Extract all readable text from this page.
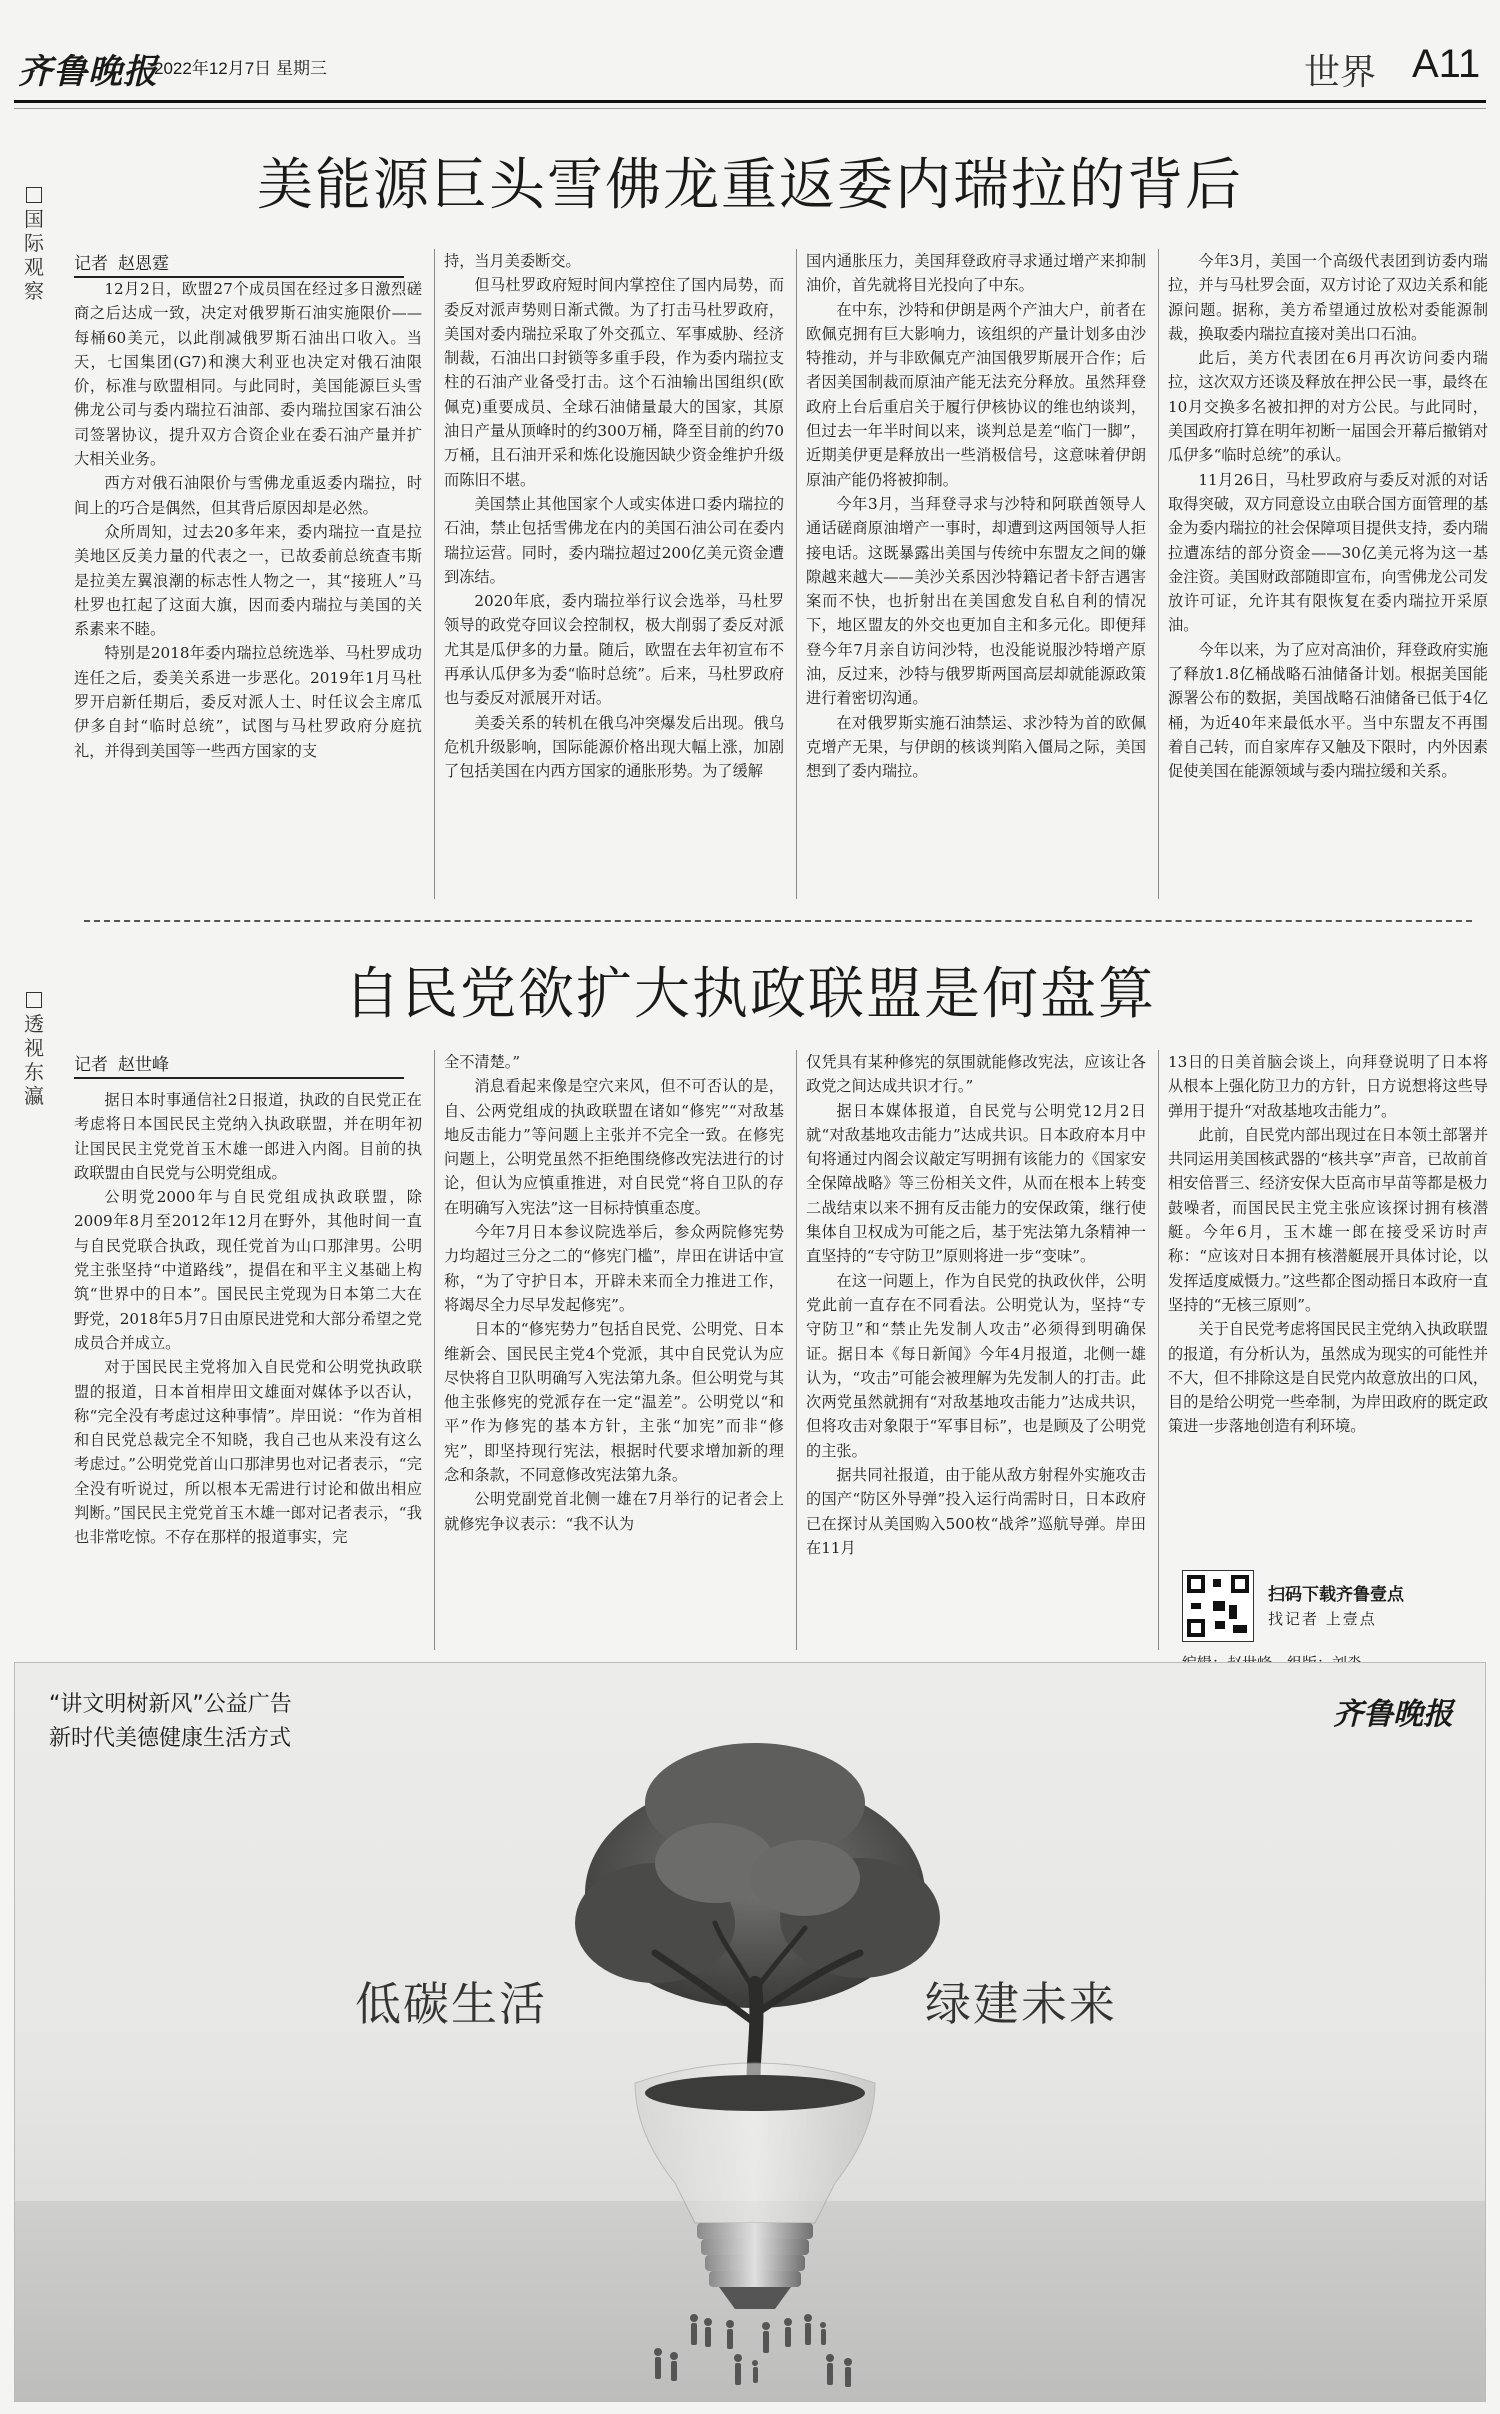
齐鲁晚报
2022年12月7日 星期三	世界 A11
国
际
观
察
美能源巨头雪佛龙重返委内瑞拉的背后
记者 赵恩霆

12月2日，欧盟27个成员国在经过多日激烈磋商之后达成一致，决定对俄罗斯石油实施限价——每桶60美元，以此削减俄罗斯石油出口收入。当天，七国集团(G7)和澳大利亚也决定对俄石油限价，标准与欧盟相同。与此同时，美国能源巨头雪佛龙公司与委内瑞拉石油部、委内瑞拉国家石油公司签署协议，提升双方合资企业在委石油产量并扩大相关业务。

西方对俄石油限价与雪佛龙重返委内瑞拉，时间上的巧合是偶然，但其背后原因却是必然。

众所周知，过去20多年来，委内瑞拉一直是拉美地区反美力量的代表之一，已故委前总统查韦斯是拉美左翼浪潮的标志性人物之一，其“接班人”马杜罗也扛起了这面大旗，因而委内瑞拉与美国的关系素来不睦。

特别是2018年委内瑞拉总统选举、马杜罗成功连任之后，委美关系进一步恶化。2019年1月马杜罗开启新任期后，委反对派人士、时任议会主席瓜伊多自封“临时总统”，试图与马杜罗政府分庭抗礼，并得到美国等一些西方国家的支

持，当月美委断交。

但马杜罗政府短时间内掌控住了国内局势，而委反对派声势则日渐式微。为了打击马杜罗政府，美国对委内瑞拉采取了外交孤立、军事威胁、经济制裁，石油出口封锁等多重手段，作为委内瑞拉支柱的石油产业备受打击。这个石油输出国组织(欧佩克)重要成员、全球石油储量最大的国家，其原油日产量从顶峰时的约300万桶，降至目前的约70万桶，且石油开采和炼化设施因缺少资金维护升级而陈旧不堪。

美国禁止其他国家个人或实体进口委内瑞拉的石油，禁止包括雪佛龙在内的美国石油公司在委内瑞拉运营。同时，委内瑞拉超过200亿美元资金遭到冻结。

2020年底，委内瑞拉举行议会选举，马杜罗领导的政党夺回议会控制权，极大削弱了委反对派尤其是瓜伊多的力量。随后，欧盟在去年初宣布不再承认瓜伊多为委“临时总统”。后来，马杜罗政府也与委反对派展开对话。

美委关系的转机在俄乌冲突爆发后出现。俄乌危机升级影响，国际能源价格出现大幅上涨，加剧了包括美国在内西方国家的通胀形势。为了缓解

国内通胀压力，美国拜登政府寻求通过增产来抑制油价，首先就将目光投向了中东。

在中东，沙特和伊朗是两个产油大户，前者在欧佩克拥有巨大影响力，该组织的产量计划多由沙特推动，并与非欧佩克产油国俄罗斯展开合作；后者因美国制裁而原油产能无法充分释放。虽然拜登政府上台后重启关于履行伊核协议的维也纳谈判，但过去一年半时间以来，谈判总是差“临门一脚”，近期美伊更是释放出一些消极信号，这意味着伊朗原油产能仍将被抑制。

今年3月，当拜登寻求与沙特和阿联酋领导人通话磋商原油增产一事时，却遭到这两国领导人拒接电话。这既暴露出美国与传统中东盟友之间的嫌隙越来越大——美沙关系因沙特籍记者卡舒吉遇害案而不快，也折射出在美国愈发自私自利的情况下，地区盟友的外交也更加自主和多元化。即便拜登今年7月亲自访问沙特，也没能说服沙特增产原油，反过来，沙特与俄罗斯两国高层却就能源政策进行着密切沟通。

在对俄罗斯实施石油禁运、求沙特为首的欧佩克增产无果，与伊朗的核谈判陷入僵局之际，美国想到了委内瑞拉。

今年3月，美国一个高级代表团到访委内瑞拉，并与马杜罗会面，双方讨论了双边关系和能源问题。据称，美方希望通过放松对委能源制裁，换取委内瑞拉直接对美出口石油。

此后，美方代表团在6月再次访问委内瑞拉，这次双方还谈及释放在押公民一事，最终在10月交换多名被扣押的对方公民。与此同时，美国政府打算在明年初断一届国会开幕后撤销对瓜伊多“临时总统”的承认。

11月26日，马杜罗政府与委反对派的对话取得突破，双方同意设立由联合国方面管理的基金为委内瑞拉的社会保障项目提供支持，委内瑞拉遭冻结的部分资金——30亿美元将为这一基金注资。美国财政部随即宣布，向雪佛龙公司发放许可证，允许其有限恢复在委内瑞拉开采原油。

今年以来，为了应对高油价，拜登政府实施了释放1.8亿桶战略石油储备计划。根据美国能源署公布的数据，美国战略石油储备已低于4亿桶，为近40年来最低水平。当中东盟友不再围着自己转，而自家库存又触及下限时，内外因素促使美国在能源领域与委内瑞拉缓和关系。

透
视
东
瀛
自民党欲扩大执政联盟是何盘算
记者 赵世峰

据日本时事通信社2日报道，执政的自民党正在考虑将日本国民民主党纳入执政联盟，并在明年初让国民民主党党首玉木雄一郎进入内阁。目前的执政联盟由自民党与公明党组成。

公明党2000年与自民党组成执政联盟，除2009年8月至2012年12月在野外，其他时间一直与自民党联合执政，现任党首为山口那津男。公明党主张坚持“中道路线”，提倡在和平主义基础上构筑“世界中的日本”。国民民主党现为日本第二大在野党，2018年5月7日由原民进党和大部分希望之党成员合并成立。

对于国民民主党将加入自民党和公明党执政联盟的报道，日本首相岸田文雄面对媒体予以否认，称“完全没有考虑过这种事情”。岸田说：“作为首相和自民党总裁完全不知晓，我自己也从来没有这么考虑过。”公明党党首山口那津男也对记者表示，“完全没有听说过，所以根本无需进行讨论和做出相应判断。”国民民主党党首玉木雄一郎对记者表示，“我也非常吃惊。不存在那样的报道事实，完

全不清楚。”

消息看起来像是空穴来风，但不可否认的是，自、公两党组成的执政联盟在诸如“修宪”“对敌基地反击能力”等问题上主张并不完全一致。在修宪问题上，公明党虽然不拒绝围绕修改宪法进行的讨论，但认为应慎重推进，对自民党“将自卫队的存在明确写入宪法”这一目标持慎重态度。

今年7月日本参议院选举后，参众两院修宪势力均超过三分之二的“修宪门槛”，岸田在讲话中宣称，“为了守护日本，开辟未来而全力推进工作，将竭尽全力尽早发起修宪”。

日本的“修宪势力”包括自民党、公明党、日本维新会、国民民主党4个党派，其中自民党认为应尽快将自卫队明确写入宪法第九条。但公明党与其他主张修宪的党派存在一定“温差”。公明党以“和平”作为修宪的基本方针，主张“加宪”而非“修宪”，即坚持现行宪法，根据时代要求增加新的理念和条款，不同意修改宪法第九条。

公明党副党首北侧一雄在7月举行的记者会上就修宪争议表示：“我不认为

仅凭具有某种修宪的氛围就能修改宪法，应该让各政党之间达成共识才行。”

据日本媒体报道，自民党与公明党12月2日就“对敌基地攻击能力”达成共识。日本政府本月中旬将通过内阁会议敲定写明拥有该能力的《国家安全保障战略》等三份相关文件，从而在根本上转变二战结束以来不拥有反击能力的安保政策，继行使集体自卫权成为可能之后，基于宪法第九条精神一直坚持的“专守防卫”原则将进一步“变味”。

在这一问题上，作为自民党的执政伙伴，公明党此前一直存在不同看法。公明党认为，坚持“专守防卫”和“禁止先发制人攻击”必须得到明确保证。据日本《每日新闻》今年4月报道，北侧一雄认为，“攻击”可能会被理解为先发制人的打击。此次两党虽然就拥有“对敌基地攻击能力”达成共识，但将攻击对象限于“军事目标”，也是顾及了公明党的主张。

据共同社报道，由于能从敌方射程外实施攻击的国产“防区外导弹”投入运行尚需时日，日本政府已在探讨从美国购入500枚“战斧”巡航导弹。岸田在11月

13日的日美首脑会谈上，向拜登说明了日本将从根本上强化防卫力的方针，日方说想将这些导弹用于提升“对敌基地攻击能力”。

此前，自民党内部出现过在日本领土部署并共同运用美国核武器的“核共享”声音，已故前首相安倍晋三、经济安保大臣高市早苗等都是极力鼓噪者，而国民民主党主张应该探讨拥有核潜艇。今年6月，玉木雄一郎在接受采访时声称：“应该对日本拥有核潜艇展开具体讨论，以发挥适度威慑力。”这些都企图动摇日本政府一直坚持的“无核三原则”。

关于自民党考虑将国民民主党纳入执政联盟的报道，有分析认为，虽然成为现实的可能性并不大，但不排除这是自民党内故意放出的口风，目的是给公明党一些牵制，为岸田政府的既定政策进一步落地创造有利环境。

扫码下载齐鲁壹点
找记者 上壹点
“讲文明树新风”公益广告
新时代美德健康生活方式
齐鲁晚报
低碳生活	绿建未来
